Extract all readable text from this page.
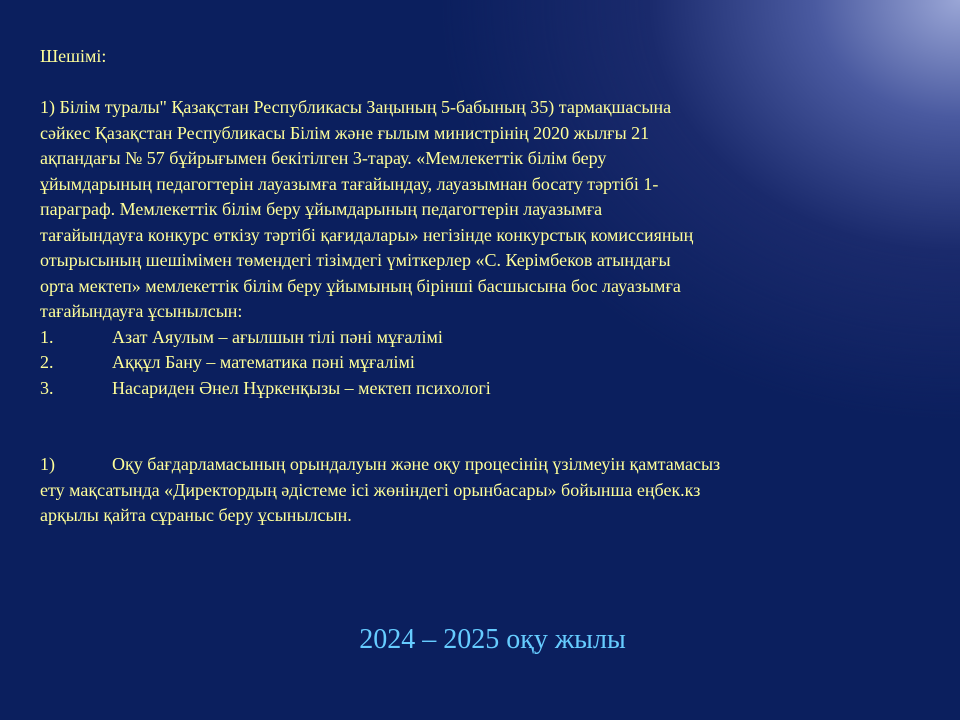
Шешімі:
1) Білім туралы" Қазақстан Республикасы Заңының 5-бабының 35) тармақшасына
сәйкес Қазақстан Республикасы Білім және ғылым министрінің 2020 жылғы 21
ақпандағы № 57 бұйрығымен бекітілген 3-тарау. «Мемлекеттік білім беру
ұйымдарының педагогтерін лауазымға тағайындау, лауазымнан босату тәртібі 1-
параграф. Мемлекеттік білім беру ұйымдарының педагогтерін лауазымға
тағайындауға конкурс өткізу тәртібі қағидалары» негізінде конкурстық комиссияның
отырысының шешімімен төмендегі тізімдегі үміткерлер «С. Керімбеков атындағы
орта мектеп» мемлекеттік білім беру ұйымының бірінші басшысына бос лауазымға
тағайындауға ұсынылсын:
1.	Азат Аяулым – ағылшын тілі пәні мұғалімі
2.	Аққұл Бану – математика пәні мұғалімі
3.	Насариден Әнел Нұркенқызы – мектеп психологі
1)	Оқу бағдарламасының орындалуын және оқу процесінің үзілмеуін қамтамасыз
ету мақсатында «Директордың әдістеме ісі жөніндегі орынбасары» бойынша еңбек.кз
арқылы қайта сұраныс беру ұсынылсын.
2024 – 2025 оқу жылы
